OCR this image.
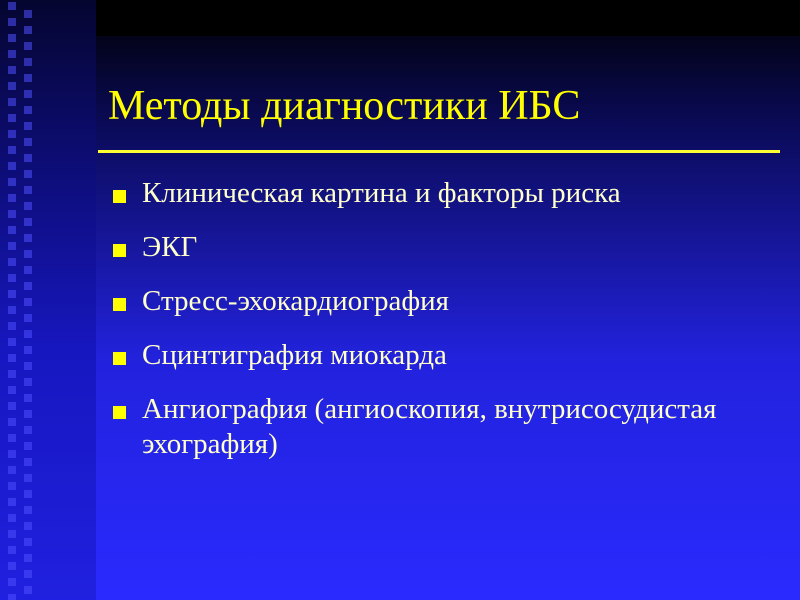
Методы диагностики ИБС
Клиническая картина и факторы риска
ЭКГ
Стресс-эхокардиография
Сцинтиграфия миокарда
Ангиография (ангиоскопия, внутрисосудистая эхография)
